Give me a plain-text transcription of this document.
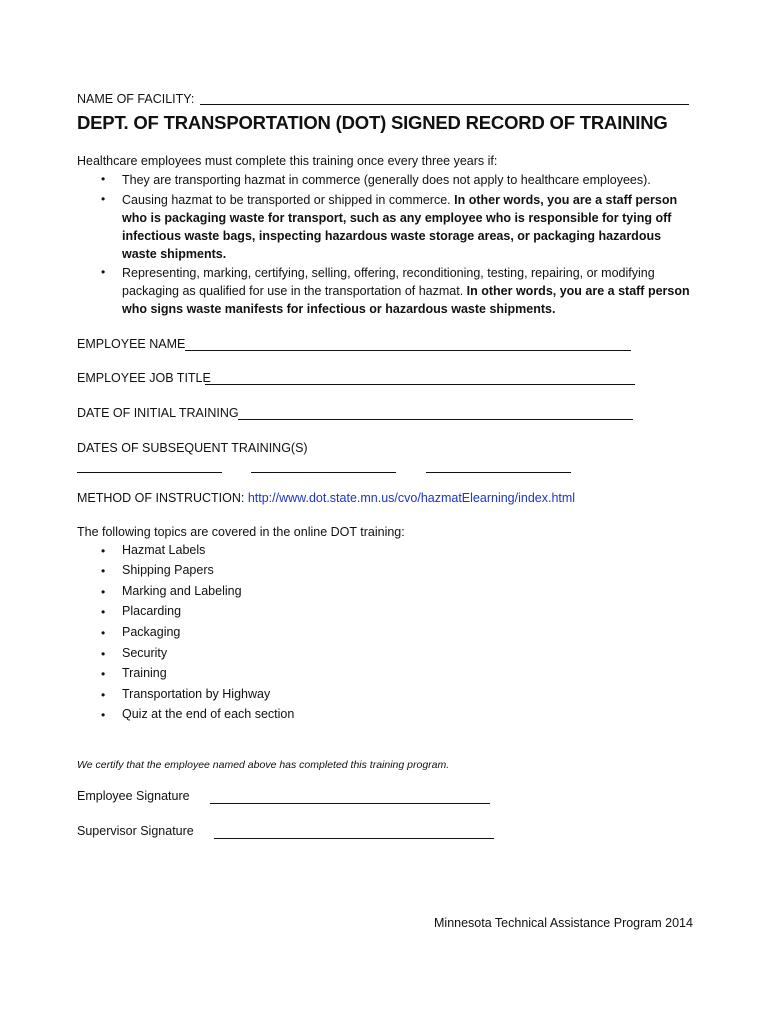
NAME OF FACILITY:
DEPT. OF TRANSPORTATION (DOT) SIGNED RECORD OF TRAINING
Healthcare employees must complete this training once every three years if:
• They are transporting hazmat in commerce (generally does not apply to healthcare employees).
• Causing hazmat to be transported or shipped in commerce. In other words, you are a staff person who is packaging waste for transport, such as any employee who is responsible for tying off infectious waste bags, inspecting hazardous waste storage areas, or packaging hazardous waste shipments.
• Representing, marking, certifying, selling, offering, reconditioning, testing, repairing, or modifying packaging as qualified for use in the transportation of hazmat. In other words, you are a staff person who signs waste manifests for infectious or hazardous waste shipments.
EMPLOYEE NAME
EMPLOYEE JOB TITLE
DATE OF INITIAL TRAINING
DATES OF SUBSEQUENT TRAINING(S)
METHOD OF INSTRUCTION: http://www.dot.state.mn.us/cvo/hazmatElearning/index.html
The following topics are covered in the online DOT training:
• Hazmat Labels
• Shipping Papers
• Marking and Labeling
• Placarding
• Packaging
• Security
• Training
• Transportation by Highway
• Quiz at the end of each section
We certify that the employee named above has completed this training program.
Employee Signature
Supervisor Signature
Minnesota Technical Assistance Program 2014
